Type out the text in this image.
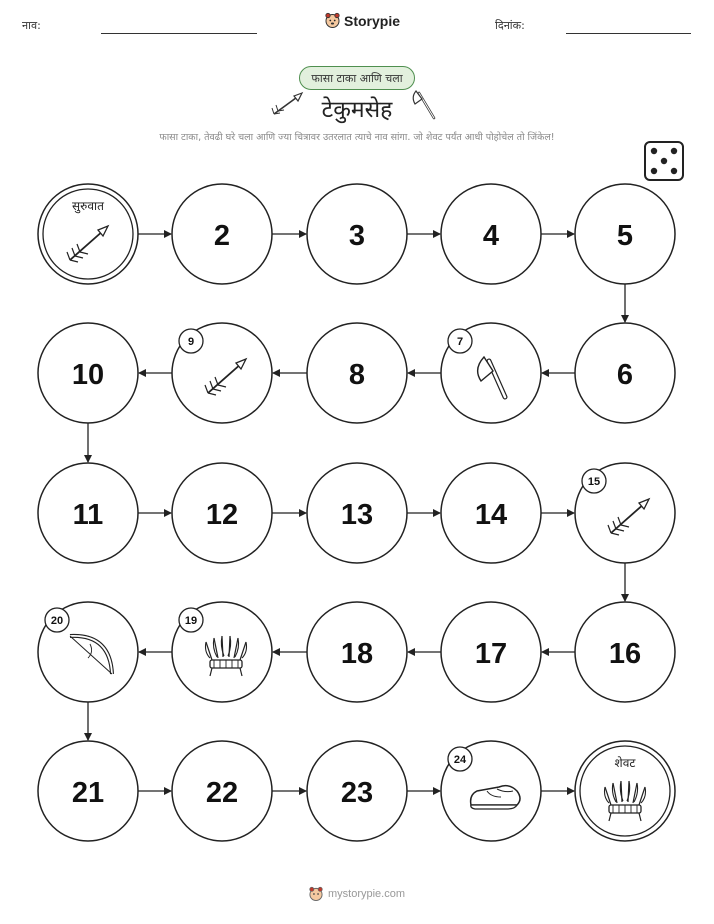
नाव:	Storypie	दिनांक:
फासा टाका आणि चला
टेकुमसेह
फासा टाका, तेवढी घरे चला आणि ज्या चित्रावर उतरलात त्याचे नाव सांगा. जो शेवट पर्यंत आधी पोहोचेल तो जिंकेल!
सुरुवात
2	3	4	5
6
7
8
9
10
11	12	13	14
15
16
17
18
19
20
21	22	23
24	शेवट
mystorypie.com
